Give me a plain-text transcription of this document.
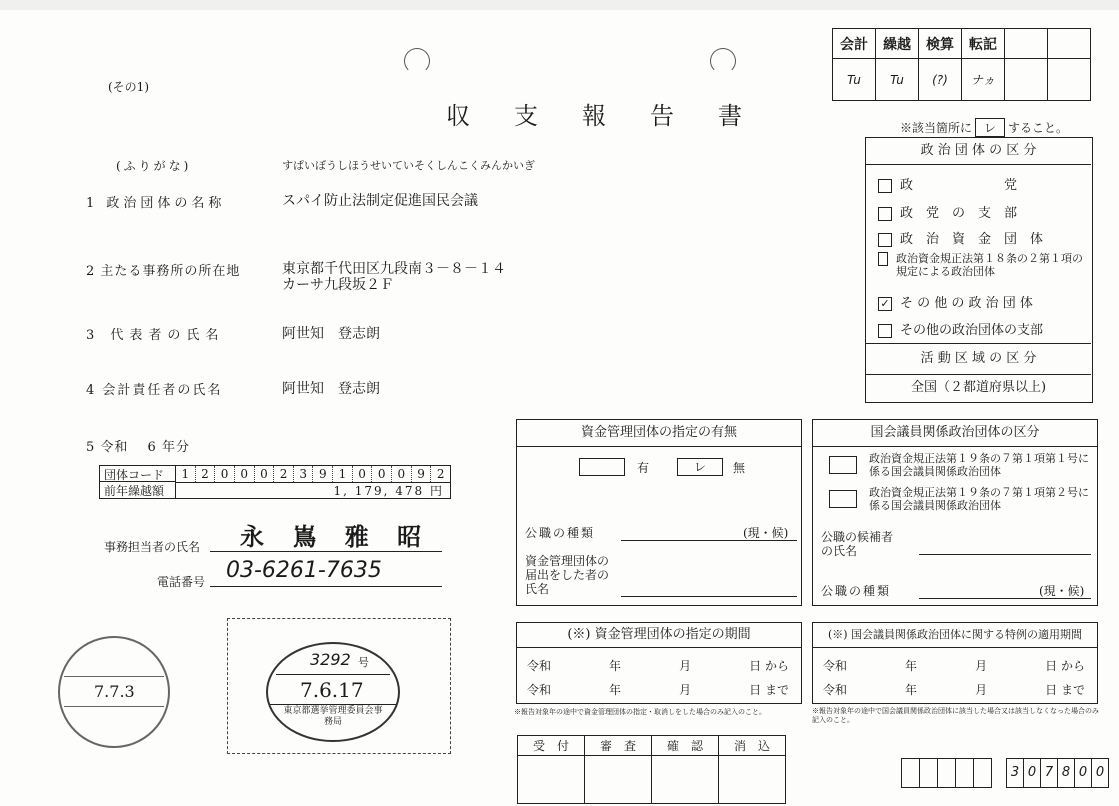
(その1)
収　支　報　告　書
会計	繰越	検算	転記		
Tu	Tu	(?)	ナヵ		
※該当箇所に レ すること。
(ふりがな)	すぱいぼうしほうせいていそくしんこくみんかいぎ
1 政治団体の名称	スパイ防止法制定促進国民会議
2 主たる事務所の所在地	東京都千代田区九段南３－８－１４
カーサ九段坂２Ｆ
3 代表者の氏名	阿世知　登志朗
4 会計責任者の氏名	阿世知　登志朗
5 令和　 6 年分
団体コード	1	2	0	0	0	2	3	9	1	0	0	0	9	2
前年繰越額	1, 179, 478 円
事務担当者の氏名 永 嶌 雅 昭
電話番号 03-6261-7635
7.7.3
3292 号
7.6.17
東京都選挙管理委員会事務局
政 治 団 体 の 区 分
政　　　　　　　党
政　党　の　支　部
政　治　資　金　団　体
政治資金規正法第１８条の２第１項の規定による政治団体
✓ そ の 他 の 政 治 団 体
その他の政治団体の支部
活 動 区 域 の 区 分
全国（２都道府県以上)
資金管理団体の指定の有無
有	レ	無
公職の種類	(現・候)
資金管理団体の届出をした者の氏名
国会議員関係政治団体の区分
政治資金規正法第１９条の７第１項第１号に係る国会議員関係政治団体
政治資金規正法第１９条の７第１項第２号に係る国会議員関係政治団体
公職の候補者の氏名
公職の種類	(現・候)
(※) 資金管理団体の指定の期間
令和	年	月	日 から
令和	年	月	日 まで
※報告対象年の途中で資金管理団体の指定・取消しをした場合のみ記入のこと。
(※) 国会議員関係政治団体に関する特例の適用期間
令和	年	月	日 から
令和	年	月	日 まで
※報告対象年の途中で国会議員関係政治団体に該当した場合又は該当しなくなった場合のみ記入のこと。
受　付	審　査	確　認	消　込

3 0 7 8 0 0
